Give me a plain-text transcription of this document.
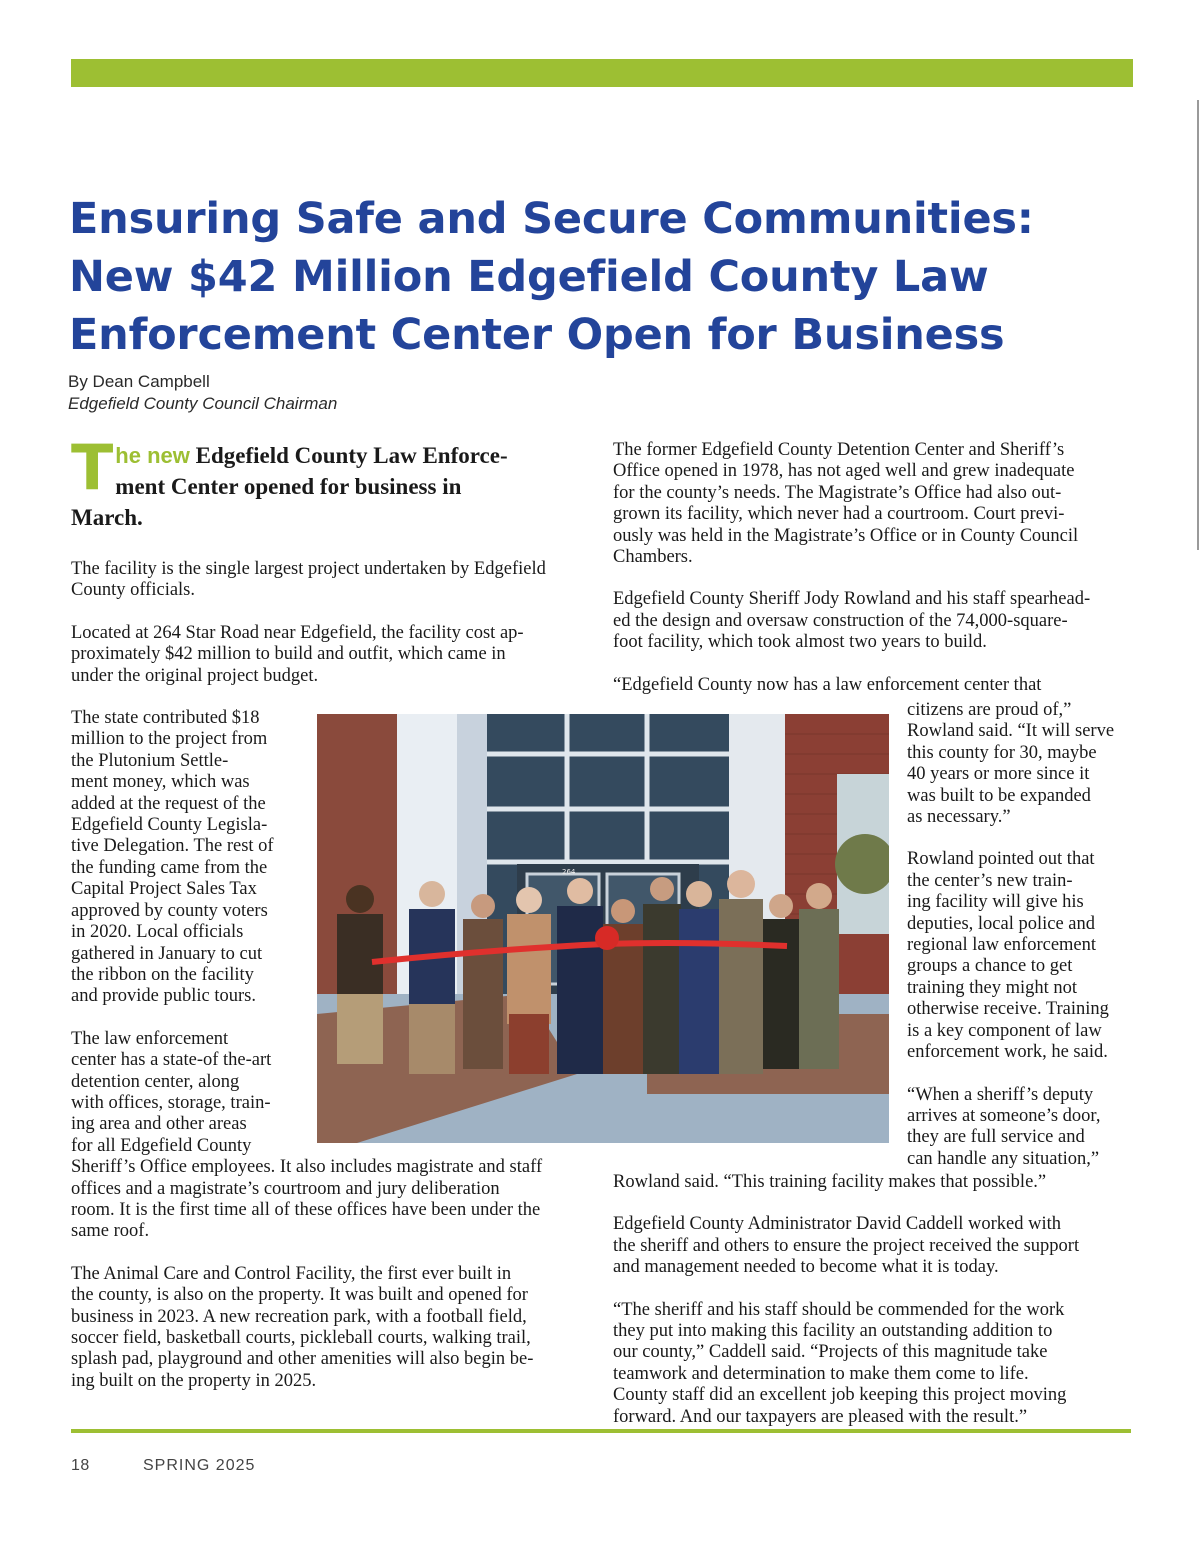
Ensuring Safe and Secure Communities:
New $42 Million Edgefield County Law
Enforcement Center Open for Business
By Dean Campbell
Edgefield County Council Chairman
T he new Edgefield County Law Enforce-
ment Center opened for business in
March.

The facility is the single largest project undertaken by Edgefield
County officials.

Located at 264 Star Road near Edgefield, the facility cost ap-
proximately $42 million to build and outfit, which came in
under the original project budget.

The state contributed $18
million to the project from
the Plutonium Settle-
ment money, which was
added at the request of the
Edgefield County Legisla-
tive Delegation. The rest of
the funding came from the
Capital Project Sales Tax
approved by county voters
in 2020. Local officials
gathered in January to cut
the ribbon on the facility
and provide public tours.

The law enforcement
center has a state-of the-art
detention center, along
with offices, storage, train-
ing area and other areas
for all Edgefield County
Sheriff’s Office employees. It also includes magistrate and staff
offices and a magistrate’s courtroom and jury deliberation
room. It is the first time all of these offices have been under the
same roof.

The Animal Care and Control Facility, the first ever built in
the county, is also on the property. It was built and opened for
business in 2023. A new recreation park, with a football field,
soccer field, basketball courts, pickleball courts, walking trail,
splash pad, playground and other amenities will also begin be-
ing built on the property in 2025.

The former Edgefield County Detention Center and Sheriff’s
Office opened in 1978, has not aged well and grew inadequate
for the county’s needs. The Magistrate’s Office had also out-
grown its facility, which never had a courtroom. Court previ-
ously was held in the Magistrate’s Office or in County Council
Chambers.

Edgefield County Sheriff Jody Rowland and his staff spearhead-
ed the design and oversaw construction of the 74,000-square-
foot facility, which took almost two years to build.

“Edgefield County now has a law enforcement center that

citizens are proud of,”
Rowland said. “It will serve
this county for 30, maybe
40 years or more since it
was built to be expanded
as necessary.”

Rowland pointed out that
the center’s new train-
ing facility will give his
deputies, local police and
regional law enforcement
groups a chance to get
training they might not
otherwise receive. Training
is a key component of law
enforcement work, he said.

“When a sheriff’s deputy
arrives at someone’s door,
they are full service and
can handle any situation,”

Rowland said. “This training facility makes that possible.”

Edgefield County Administrator David Caddell worked with
the sheriff and others to ensure the project received the support
and management needed to become what it is today.

“The sheriff and his staff should be commended for the work
they put into making this facility an outstanding addition to
our county,” Caddell said. “Projects of this magnitude take
teamwork and determination to make them come to life.
County staff did an excellent job keeping this project moving
forward. And our taxpayers are pleased with the result.”

264
18	SPRING 2025
